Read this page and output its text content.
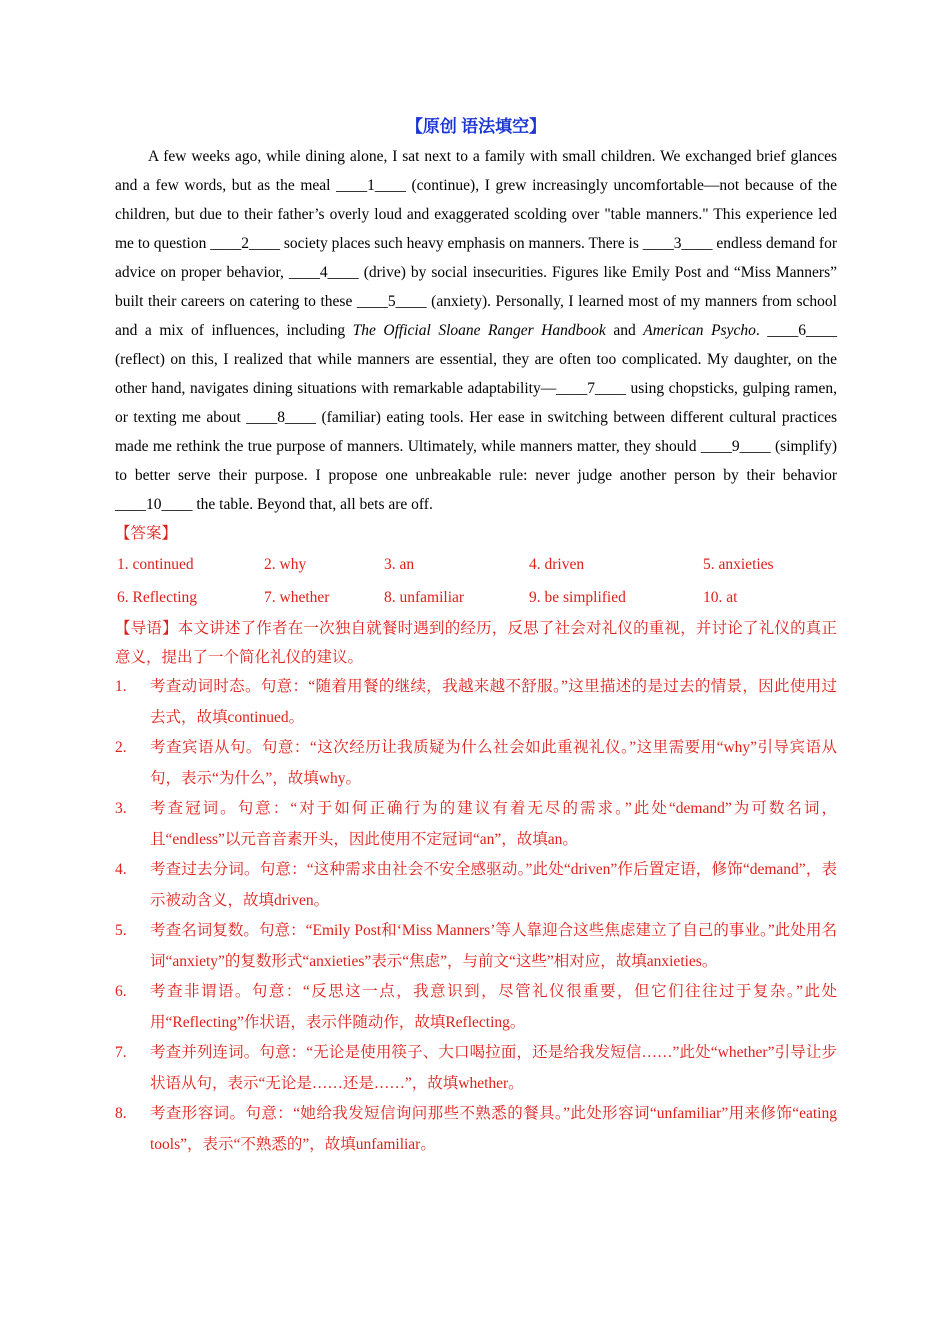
【原创 语法填空】

A few weeks ago, while dining alone, I sat next to a family with small children. We exchanged brief glances and a few words, but as the meal ____1____ (continue), I grew increasingly uncomfortable—not because of the children, but due to their father’s overly loud and exaggerated scolding over "table manners." This experience led me to question ____2____ society places such heavy emphasis on manners. There is ____3____ endless demand for advice on proper behavior, ____4____ (drive) by social insecurities. Figures like Emily Post and “Miss Manners” built their careers on catering to these ____5____ (anxiety). Personally, I learned most of my manners from school and a mix of influences, including The Official Sloane Ranger Handbook and American Psycho. ____6____ (reflect) on this, I realized that while manners are essential, they are often too complicated. My daughter, on the other hand, navigates dining situations with remarkable adaptability—____7____ using chopsticks, gulping ramen, or texting me about ____8____ (familiar) eating tools. Her ease in switching between different cultural practices made me rethink the true purpose of manners. Ultimately, while manners matter, they should ____9____ (simplify) to better serve their purpose. I propose one unbreakable rule: never judge another person by their behavior ____10____ the table. Beyond that, all bets are off.

【答案】

1. continued	2. why	3. an	4. driven	5. anxieties
6. Reflecting	7. whether	8. unfamiliar	9. be simplified	10. at

【导语】本文讲述了作者在一次独自就餐时遇到的经历，反思了社会对礼仪的重视，并讨论了礼仪的真正意义，提出了一个简化礼仪的建议。

1.	考查动词时态。句意：“随着用餐的继续，我越来越不舒服。”这里描述的是过去的情景，因此使用过去式，故填continued。
2.	考查宾语从句。句意：“这次经历让我质疑为什么社会如此重视礼仪。”这里需要用“why”引导宾语从句，表示“为什么”，故填why。
3.	考查冠词。句意：“对于如何正确行为的建议有着无尽的需求。”此处“demand”为可数名词，且“endless”以元音音素开头，因此使用不定冠词“an”，故填an。
4.	考查过去分词。句意：“这种需求由社会不安全感驱动。”此处“driven”作后置定语，修饰“demand”，表示被动含义，故填driven。
5.	考查名词复数。句意：“Emily Post和‘Miss Manners’等人靠迎合这些焦虑建立了自己的事业。”此处用名词“anxiety”的复数形式“anxieties”表示“焦虑”，与前文“这些”相对应，故填anxieties。
6.	考查非谓语。句意：“反思这一点，我意识到，尽管礼仪很重要，但它们往往过于复杂。”此处用“Reflecting”作状语，表示伴随动作，故填Reflecting。
7.	考查并列连词。句意：“无论是使用筷子、大口喝拉面，还是给我发短信……”此处“whether”引导让步状语从句，表示“无论是……还是……”，故填whether。
8.	考查形容词。句意：“她给我发短信询问那些不熟悉的餐具。”此处形容词“unfamiliar”用来修饰“eating tools”，表示“不熟悉的”，故填unfamiliar。
